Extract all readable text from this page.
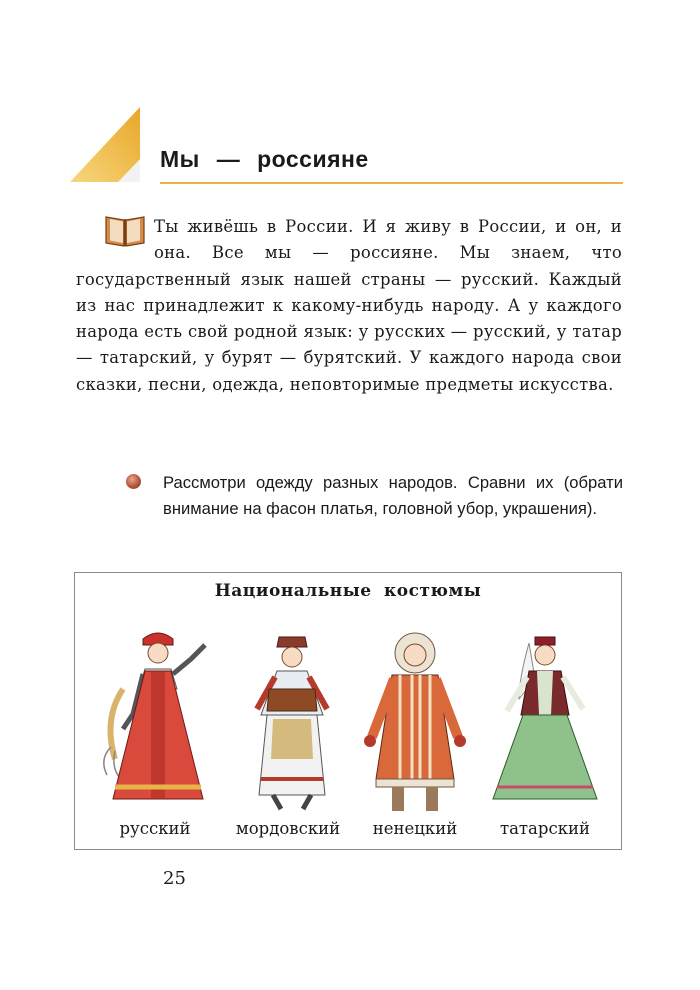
Мы — россияне

Ты живёшь в России. И я живу в России, и он, и она. Все мы — россияне. Мы знаем, что государственный язык нашей страны — русский. Каждый из нас принадлежит к какому-нибудь народу. А у каждого народа есть свой родной язык: у русских — русский, у татар — татарский, у бурят — бурятский. У каждого народа свои сказки, песни, одежда, неповторимые предметы искусства.

Рассмотри одежду разных народов. Сравни их (обрати внимание на фасон платья, головной убор, украшения).

Национальные костюмы
русский	мордовский	ненецкий	татарский
25
